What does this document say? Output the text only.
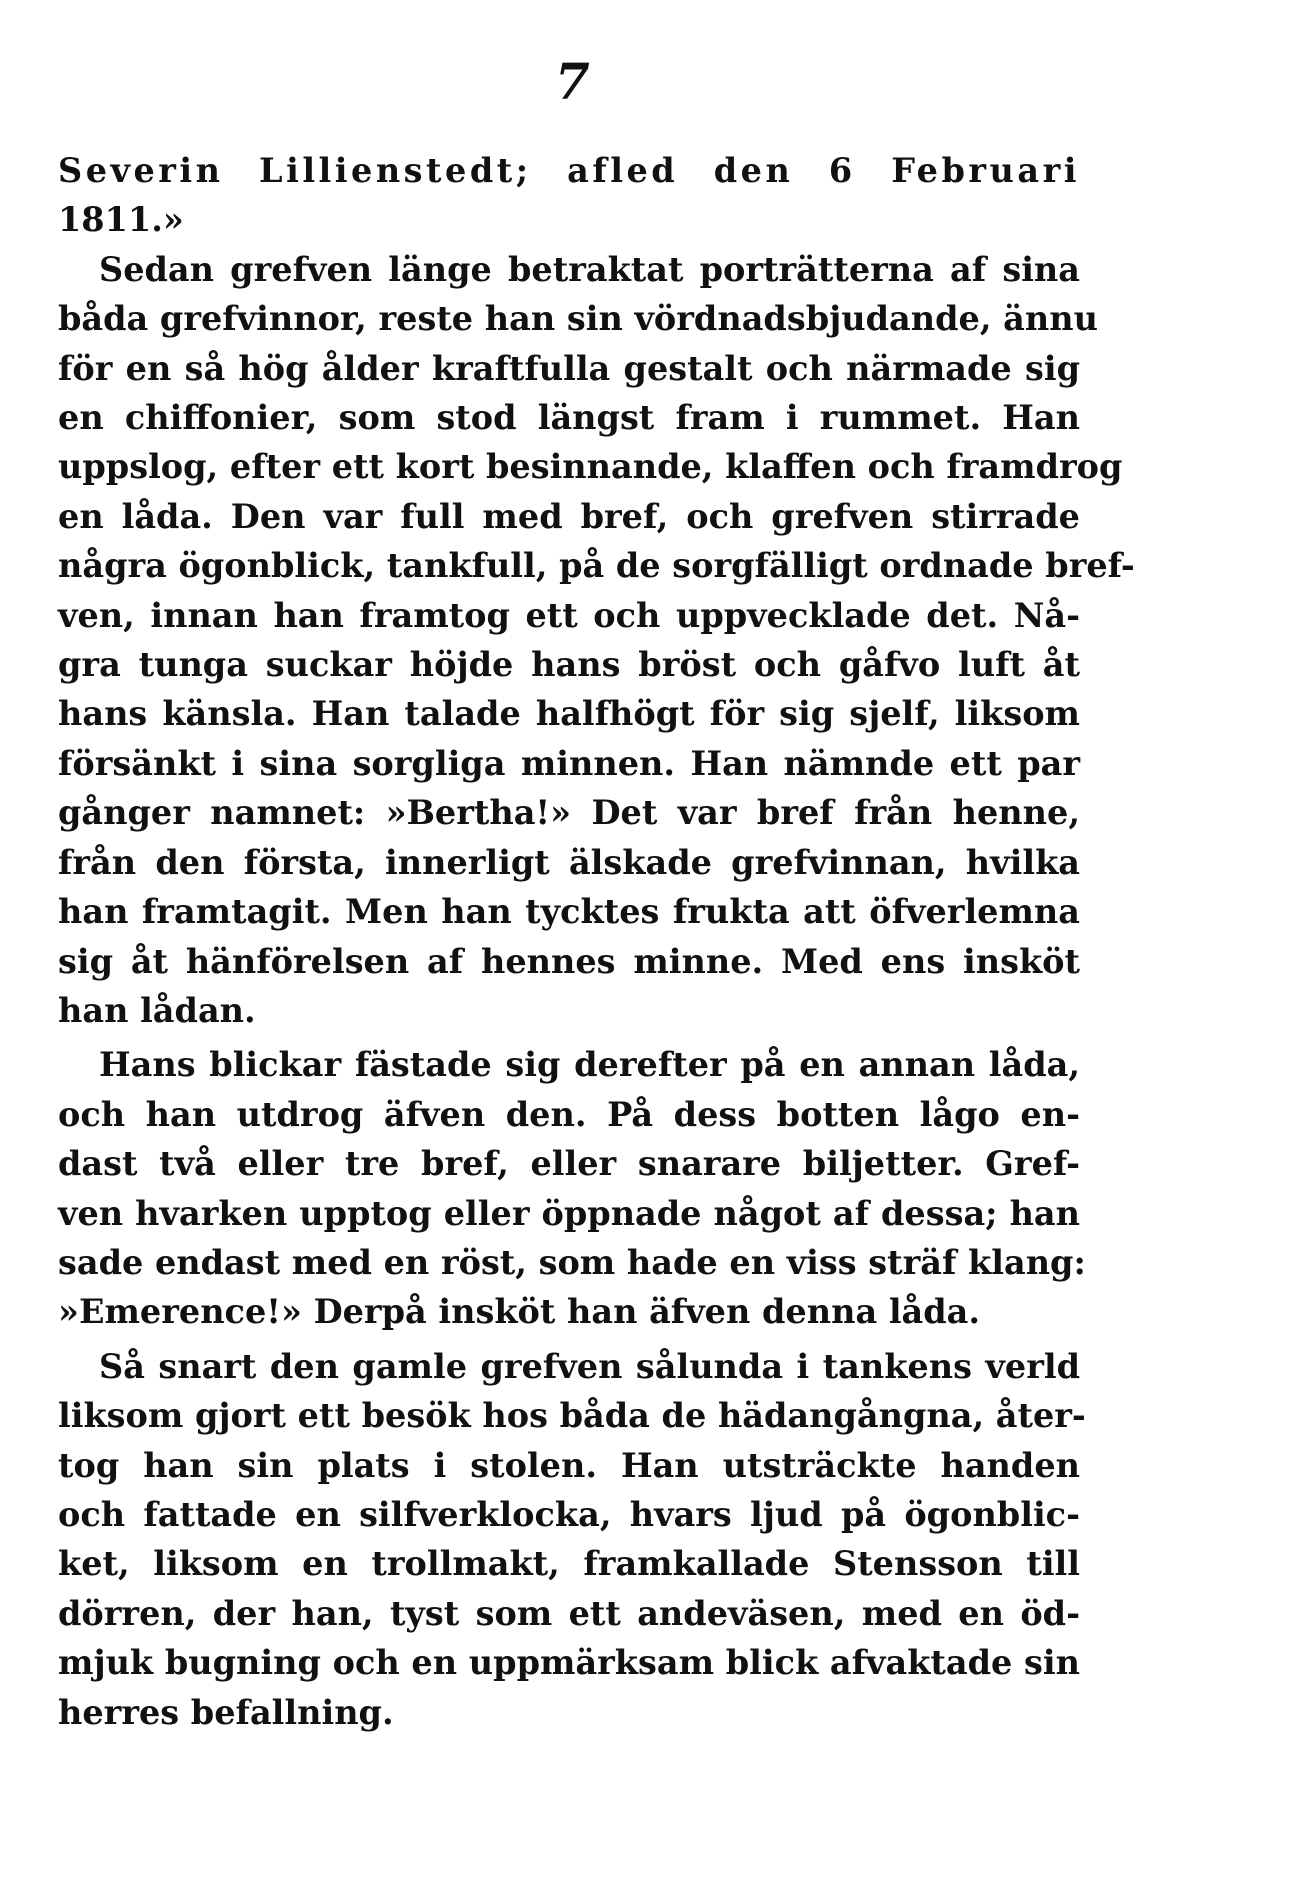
7
Severin Lillienstedt; afled den 6 Februari
1811.»
Sedan grefven länge betraktat porträtterna af sina
båda grefvinnor, reste han sin vördnadsbjudande, ännu
för en så hög ålder kraftfulla gestalt och närmade sig
en chiffonier, som stod längst fram i rummet. Han
uppslog, efter ett kort besinnande, klaffen och framdrog
en låda. Den var full med bref, och grefven stirrade
några ögonblick, tankfull, på de sorgfälligt ordnade bref-
ven, innan han framtog ett och uppvecklade det. Nå-
gra tunga suckar höjde hans bröst och gåfvo luft åt
hans känsla. Han talade halfhögt för sig sjelf, liksom
försänkt i sina sorgliga minnen. Han nämnde ett par
gånger namnet: »Bertha!» Det var bref från henne,
från den första, innerligt älskade grefvinnan, hvilka
han framtagit. Men han tycktes frukta att öfverlemna
sig åt hänförelsen af hennes minne. Med ens insköt
han lådan.
Hans blickar fästade sig derefter på en annan låda,
och han utdrog äfven den. På dess botten lågo en-
dast två eller tre bref, eller snarare biljetter. Gref-
ven hvarken upptog eller öppnade något af dessa; han
sade endast med en röst, som hade en viss sträf klang:
»Emerence!» Derpå insköt han äfven denna låda.
Så snart den gamle grefven sålunda i tankens verld
liksom gjort ett besök hos båda de hädangångna, åter-
tog han sin plats i stolen. Han utsträckte handen
och fattade en silfverklocka, hvars ljud på ögonblic-
ket, liksom en trollmakt, framkallade Stensson till
dörren, der han, tyst som ett andeväsen, med en öd-
mjuk bugning och en uppmärksam blick afvaktade sin
herres befallning.
